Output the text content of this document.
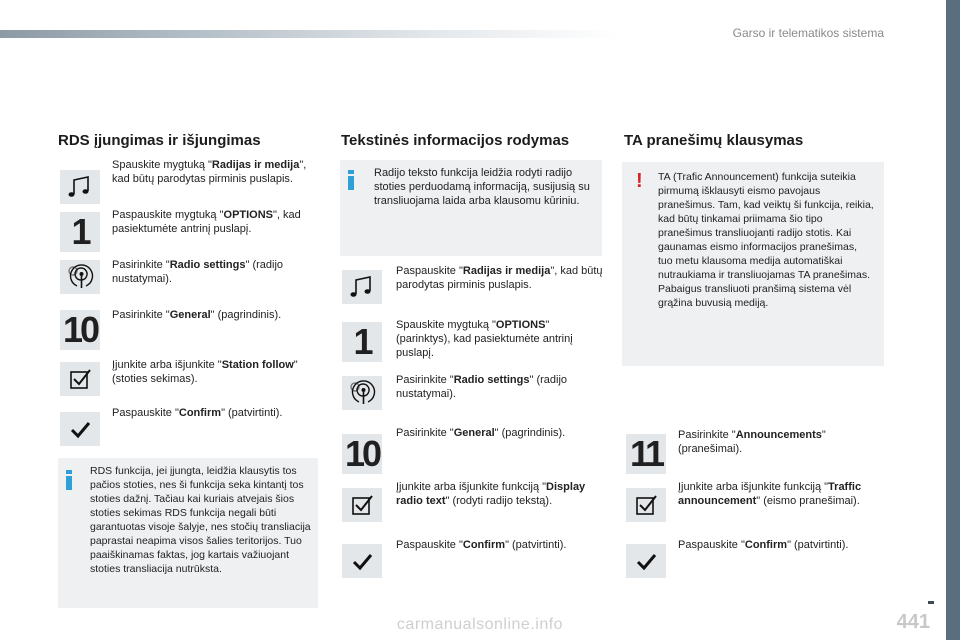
Garso ir telematikos sistema
RDS įjungimas ir išjungimas
Spauskite mygtuką "Radijas ir medija", kad būtų parodytas pirminis puslapis.
Paspauskite mygtuką "OPTIONS", kad pasiektumėte antrinį puslapį.
1
Pasirinkite "Radio settings" (radijo nustatymai).
10 Pasirinkite "General" (pagrindinis).
Įjunkite arba išjunkite "Station follow" (stoties sekimas).
Paspauskite "Confirm" (patvirtinti).
RDS funkcija, jei įjungta, leidžia klausytis tos pačios stoties, nes ši funkcija seka kintantį tos stoties dažnį. Tačiau kai kuriais atvejais šios stoties sekimas RDS funkcija negali būti garantuotas visoje šalyje, nes stočių transliacija paprastai neapima visos šalies teritorijos. Tuo paaiškinamas faktas, jog kartais važiuojant stoties transliacija nutrūksta.
Tekstinės informacijos rodymas
Radijo teksto funkcija leidžia rodyti radijo stoties perduodamą informaciją, susijusią su transliuojama laida arba klausomu kūriniu.
Paspauskite "Radijas ir medija", kad būtų parodytas pirminis puslapis.
1 Spauskite mygtuką "OPTIONS" (parinktys), kad pasiektumėte antrinį puslapį.
Pasirinkite "Radio settings" (radijo nustatymai).
10 Pasirinkite "General" (pagrindinis).
Įjunkite arba išjunkite funkciją "Display radio text" (rodyti radijo tekstą).
Paspauskite "Confirm" (patvirtinti).
TA pranešimų klausymas
! TA (Trafic Announcement) funkcija suteikia pirmumą išklausyti eismo pavojaus pranešimus. Tam, kad veiktų ši funkcija, reikia, kad būtų tinkamai priimama šio tipo pranešimus transliuojanti radijo stotis. Kai gaunamas eismo informacijos pranešimas, tuo metu klausoma medija automatiškai nutraukiama ir transliuojamas TA pranešimas. Pabaigus transliuoti pranšimą sistema vėl grąžina buvusią mediją.
11 Pasirinkite "Announcements" (pranešimai).
Įjunkite arba išjunkite funkciją "Traffic announcement" (eismo pranešimai).
Paspauskite "Confirm" (patvirtinti).
441
carmanualsonline.info
